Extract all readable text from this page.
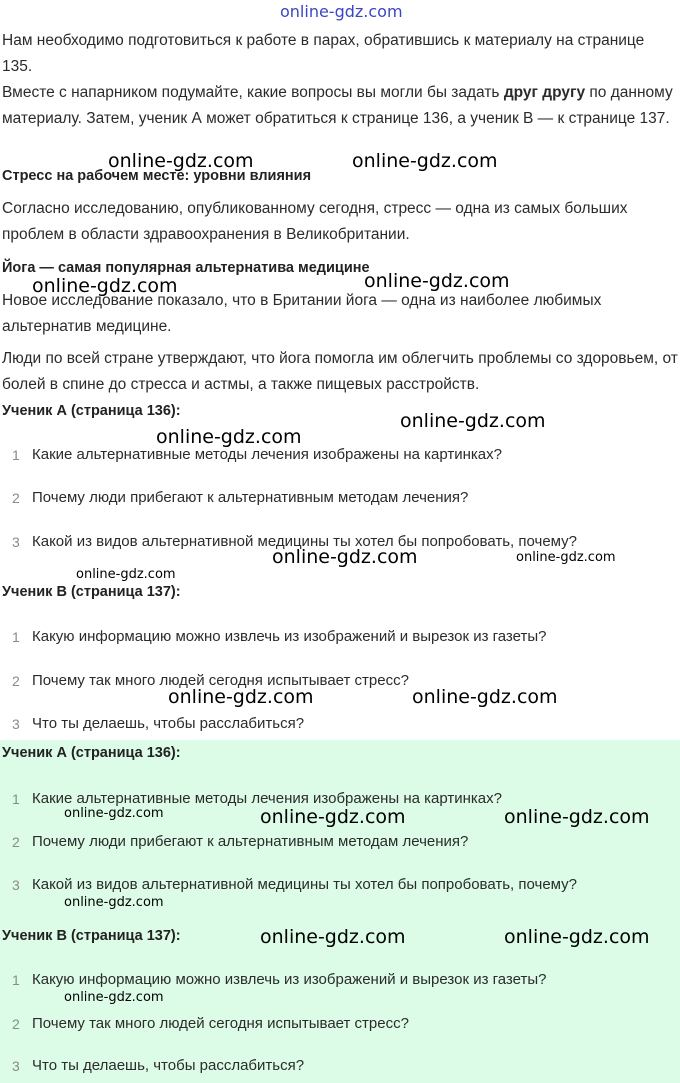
online-gdz.com
Нам необходимо подготовиться к работе в парах, обратившись к материалу на странице 135.
Вместе с напарником подумайте, какие вопросы вы могли бы задать друг другу по данному материалу. Затем, ученик А может обратиться к странице 136, а ученик В — к странице 137.
Стресс на рабочем месте: уровни влияния
Согласно исследованию, опубликованному сегодня, стресс — одна из самых больших проблем в области здравоохранения в Великобритании.
Йога — самая популярная альтернатива медицине
Новое исследование показало, что в Британии йога — одна из наиболее любимых альтернатив медицине.
Люди по всей стране утверждают, что йога помогла им облегчить проблемы со здоровьем, от болей в спине до стресса и астмы, а также пищевых расстройств.
Ученик А (страница 136):
1 Какие альтернативные методы лечения изображены на картинках?
2 Почему люди прибегают к альтернативным методам лечения?
3 Какой из видов альтернативной медицины ты хотел бы попробовать, почему?
Ученик В (страница 137):
1 Какую информацию можно извлечь из изображений и вырезок из газеты?
2 Почему так много людей сегодня испытывает стресс?
3 Что ты делаешь, чтобы расслабиться?
Ученик А (страница 136):
1 Какие альтернативные методы лечения изображены на картинках?
2 Почему люди прибегают к альтернативным методам лечения?
3 Какой из видов альтернативной медицины ты хотел бы попробовать, почему?
Ученик В (страница 137):
1 Какую информацию можно извлечь из изображений и вырезок из газеты?
2 Почему так много людей сегодня испытывает стресс?
3 Что ты делаешь, чтобы расслабиться?
online-gdz.com	online-gdz.com
online-gdz.com
online-gdz.com
online-gdz.com
online-gdz.com
online-gdz.com	online-gdz.com
online-gdz.com
online-gdz.com	online-gdz.com
online-gdz.com	online-gdz.com	online-gdz.com
online-gdz.com
online-gdz.com	online-gdz.com
online-gdz.com
